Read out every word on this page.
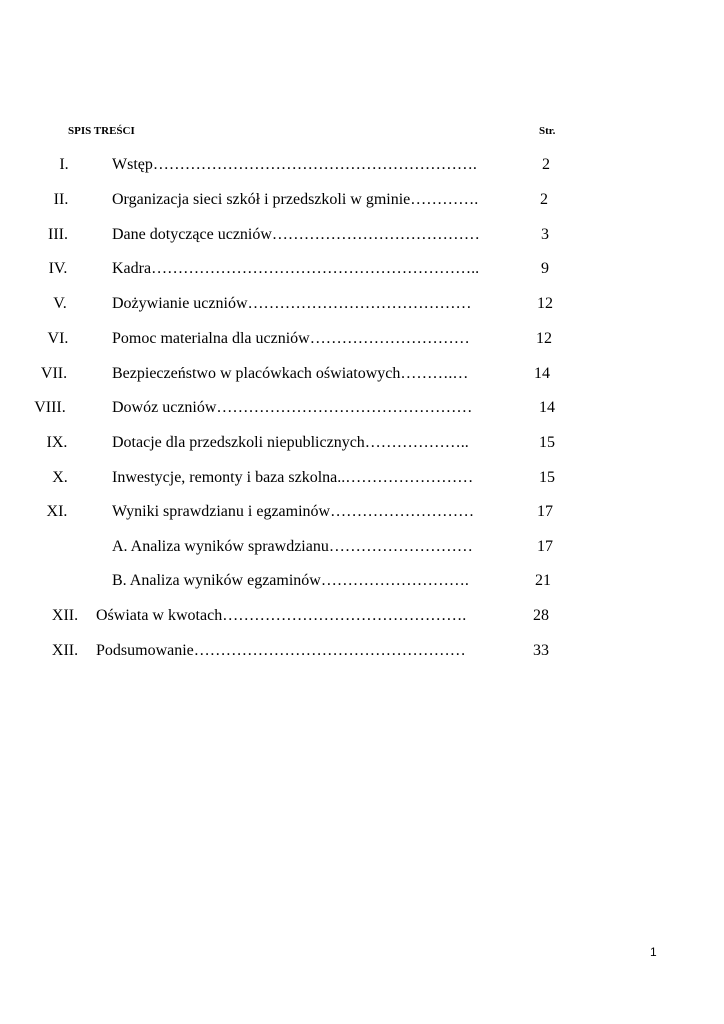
SPIS TREŚCI	Str.
I.	Wstęp…………………………………………………….	2
II.	Organizacja sieci szkół i przedszkoli w gminie………….	2
III.	Dane dotyczące uczniów…………………………………	3
IV.	Kadra……………………………………………………..	9
V.	Dożywianie uczniów……………………………………	12
VI.	Pomoc materialna dla uczniów…………………………	12
VII.	Bezpieczeństwo w placówkach oświatowych……….…	14
VIII.	Dowóz uczniów…………………………………………	14
IX.	Dotacje dla przedszkoli niepublicznych………………..	15
X.	Inwestycje, remonty i baza szkolna..……………………	15
XI.	Wyniki sprawdzianu i egzaminów………………………	17
A. Analiza wyników sprawdzianu………………………	17
B. Analiza wyników egzaminów……………………….	21
XII.	Oświata w kwotach……………………………………….	28
XII.	Podsumowanie……………………………………………	33
1
